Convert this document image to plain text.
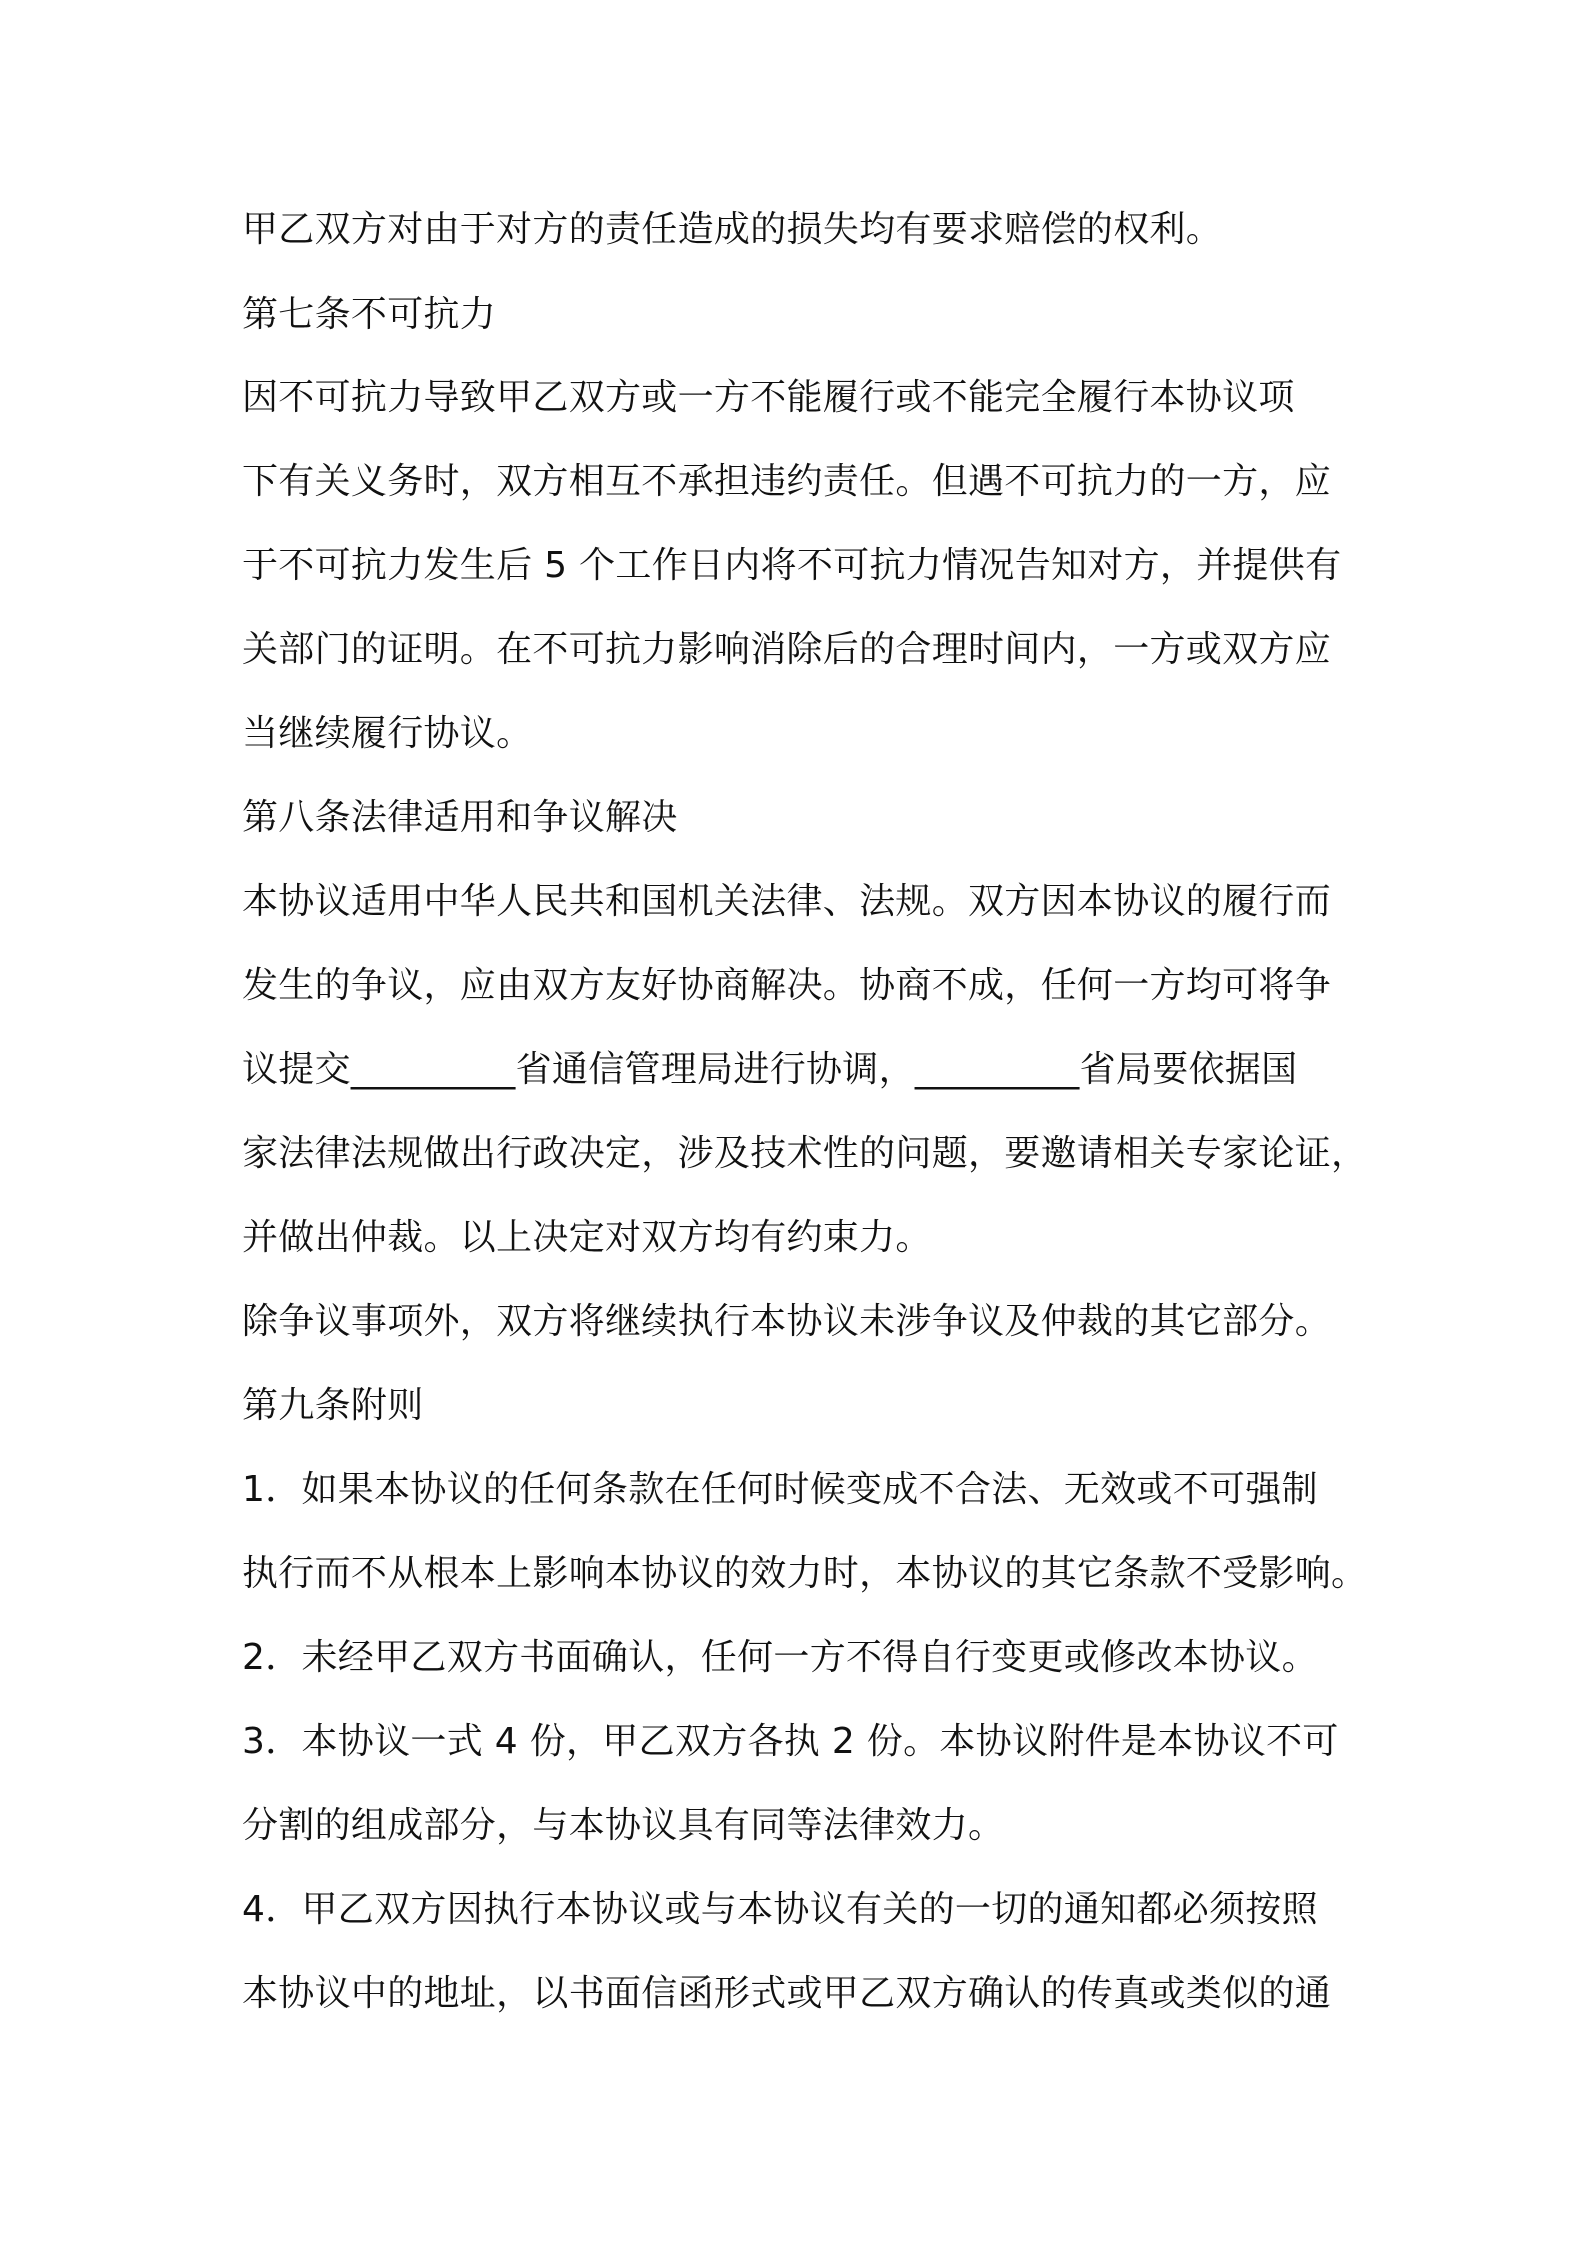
甲乙双方对由于对方的责任造成的损失均有要求赔偿的权利。

第七条不可抗力

因不可抗力导致甲乙双方或一方不能履行或不能完全履行本协议项

下有关义务时，双方相互不承担违约责任。但遇不可抗力的一方，应

于不可抗力发生后 5 个工作日内将不可抗力情况告知对方，并提供有

关部门的证明。在不可抗力影响消除后的合理时间内，一方或双方应

当继续履行协议。

第八条法律适用和争议解决

本协议适用中华人民共和国机关法律、法规。双方因本协议的履行而

发生的争议，应由双方友好协商解决。协商不成，任何一方均可将争

议提交_________省通信管理局进行协调，_________省局要依据国

家法律法规做出行政决定，涉及技术性的问题，要邀请相关专家论证，

并做出仲裁。以上决定对双方均有约束力。

除争议事项外，双方将继续执行本协议未涉争议及仲裁的其它部分。

第九条附则

1．如果本协议的任何条款在任何时候变成不合法、无效或不可强制

执行而不从根本上影响本协议的效力时，本协议的其它条款不受影响。

2．未经甲乙双方书面确认，任何一方不得自行变更或修改本协议。

3．本协议一式 4 份，甲乙双方各执 2 份。本协议附件是本协议不可

分割的组成部分，与本协议具有同等法律效力。

4．甲乙双方因执行本协议或与本协议有关的一切的通知都必须按照

本协议中的地址，以书面信函形式或甲乙双方确认的传真或类似的通
